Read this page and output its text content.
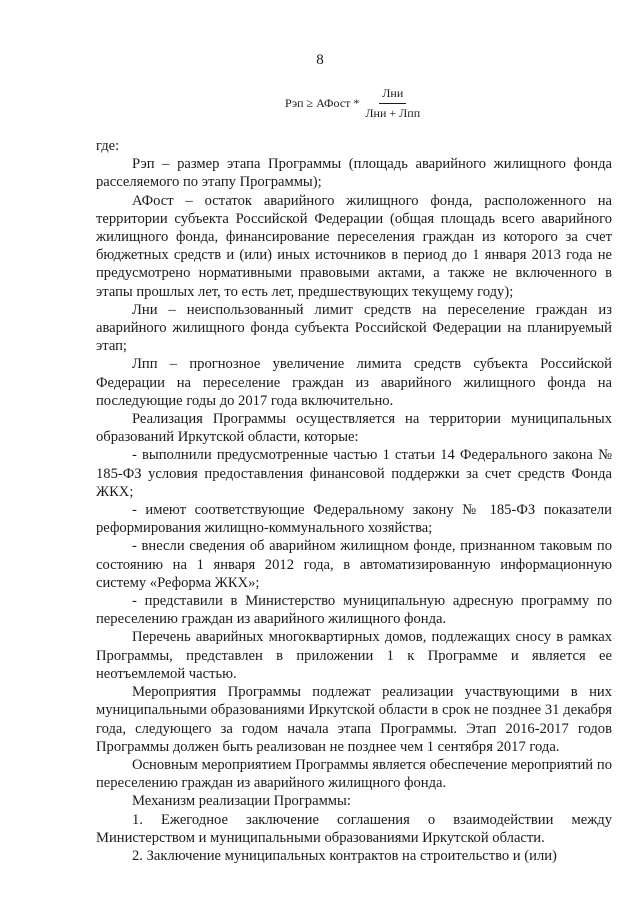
8
Рэп ≥ АФост * $\frac{\text{Лни}}{\text{Лни + Лпп}}$

где:

Рэп – размер этапа Программы (площадь аварийного жилищного фонда расселяемого по этапу Программы);

АФост – остаток аварийного жилищного фонда, расположенного на территории субъекта Российской Федерации (общая площадь всего аварийного жилищного фонда, финансирование переселения граждан из которого за счет бюджетных средств и (или) иных источников в период до 1 января 2013 года не предусмотрено нормативными правовыми актами, а также не включенного в этапы прошлых лет, то есть лет, предшествующих текущему году);

Лни – неиспользованный лимит средств на переселение граждан из аварийного жилищного фонда субъекта Российской Федерации на планируемый этап;

Лпп – прогнозное увеличение лимита средств субъекта Российской Федерации на переселение граждан из аварийного жилищного фонда на последующие годы до 2017 года включительно.

Реализация Программы осуществляется на территории муниципальных образований Иркутской области, которые:

- выполнили предусмотренные частью 1 статьи 14 Федерального закона № 185-ФЗ условия предоставления финансовой поддержки за счет средств Фонда ЖКХ;

- имеют соответствующие Федеральному закону № 185-ФЗ показатели реформирования жилищно-коммунального хозяйства;

- внесли сведения об аварийном жилищном фонде, признанном таковым по состоянию на 1 января 2012 года, в автоматизированную информационную систему «Реформа ЖКХ»;

- представили в Министерство муниципальную адресную программу по переселению граждан из аварийного жилищного фонда.

Перечень аварийных многоквартирных домов, подлежащих сносу в рамках Программы, представлен в приложении 1 к Программе и является ее неотъемлемой частью.

Мероприятия Программы подлежат реализации участвующими в них муниципальными образованиями Иркутской области в срок не позднее 31 декабря года, следующего за годом начала этапа Программы. Этап 2016-2017 годов Программы должен быть реализован не позднее чем 1 сентября 2017 года.

Основным мероприятием Программы является обеспечение мероприятий по переселению граждан из аварийного жилищного фонда.

Механизм реализации Программы:

1. Ежегодное заключение соглашения о взаимодействии между Министерством и муниципальными образованиями Иркутской области.

2. Заключение муниципальных контрактов на строительство и (или)
